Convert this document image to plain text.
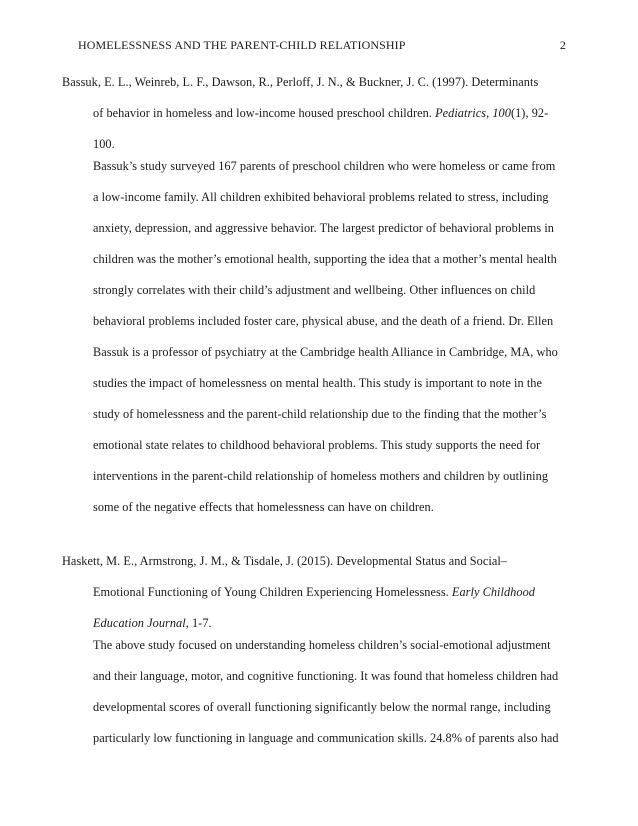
HOMELESSNESS AND THE PARENT-CHILD RELATIONSHIP	2
Bassuk, E. L., Weinreb, L. F., Dawson, R., Perloff, J. N., & Buckner, J. C. (1997). Determinants
of behavior in homeless and low-income housed preschool children. Pediatrics, 100(1), 92-
100.
Bassuk’s study surveyed 167 parents of preschool children who were homeless or came from
a low-income family. All children exhibited behavioral problems related to stress, including
anxiety, depression, and aggressive behavior. The largest predictor of behavioral problems in
children was the mother’s emotional health, supporting the idea that a mother’s mental health
strongly correlates with their child’s adjustment and wellbeing. Other influences on child
behavioral problems included foster care, physical abuse, and the death of a friend. Dr. Ellen
Bassuk is a professor of psychiatry at the Cambridge health Alliance in Cambridge, MA, who
studies the impact of homelessness on mental health. This study is important to note in the
study of homelessness and the parent-child relationship due to the finding that the mother’s
emotional state relates to childhood behavioral problems. This study supports the need for
interventions in the parent-child relationship of homeless mothers and children by outlining
some of the negative effects that homelessness can have on children.
Haskett, M. E., Armstrong, J. M., & Tisdale, J. (2015). Developmental Status and Social–
Emotional Functioning of Young Children Experiencing Homelessness. Early Childhood
Education Journal, 1-7.
The above study focused on understanding homeless children’s social-emotional adjustment
and their language, motor, and cognitive functioning. It was found that homeless children had
developmental scores of overall functioning significantly below the normal range, including
particularly low functioning in language and communication skills. 24.8% of parents also had
